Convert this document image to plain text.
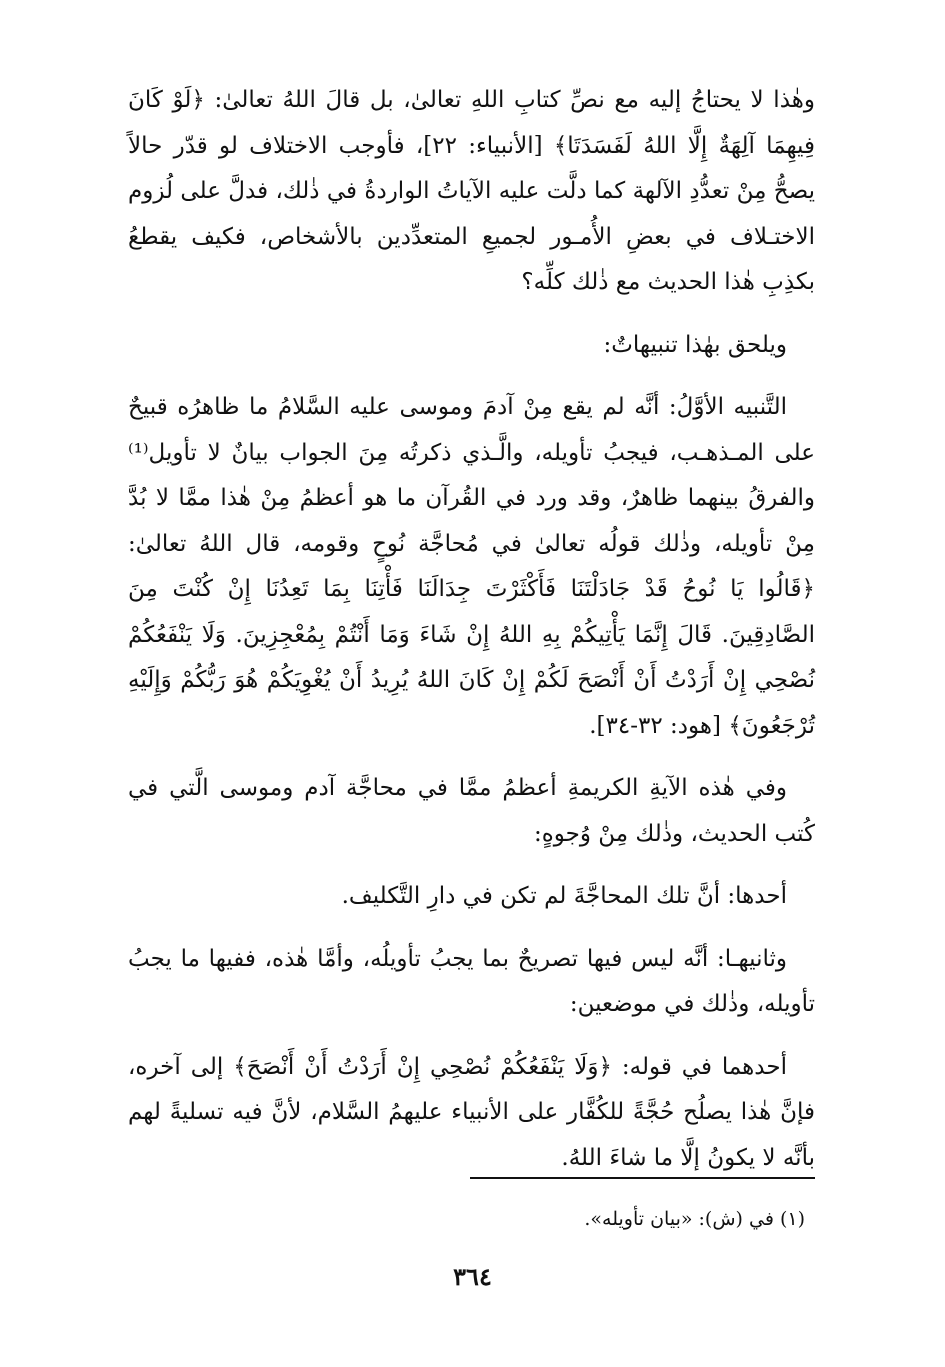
وهٰذا لا يحتاجُ إليه مع نصِّ كتابِ اللهِ تعالىٰ، بل قالَ اللهُ تعالىٰ: ﴿لَوْ كَانَ فِيهِمَا آلِهَةٌ إِلَّا اللهُ لَفَسَدَتَا﴾ [الأنبياء: ٢٢]، فأوجب الاختلاف لو قدّر حالاً يصحُّ مِنْ تعدُّدِ الآلهة كما دلَّت عليه الآياتُ الواردةُ في ذٰلك، فدلَّ على لُزوم الاختـلاف في بعضِ الأُمـور لجميعِ المتعدِّدين بالأشخاص، فكيف يقطعُ بكذِبِ هٰذا الحديث مع ذٰلك كلِّه؟

ويلحق بهٰذا تنبيهاتٌ:

التَّنبيه الأوَّلُ: أنَّه لم يقع مِنْ آدمَ وموسى عليه السَّلامُ ما ظاهرُه قبيحٌ على المـذهـب، فيجبُ تأويله، والَّـذي ذكرتُه مِنَ الجواب بيانٌ لا تأويل⁽¹⁾ والفرقُ بينهما ظاهرٌ، وقد ورد في القُرآن ما هو أعظمُ مِنْ هٰذا ممَّا لا بُدَّ مِنْ تأويله، وذٰلك قولُه تعالىٰ في مُحاجَّة نُوحٍ وقومه، قال اللهُ تعالىٰ: ﴿قَالُوا يَا نُوحُ قَدْ جَادَلْتَنَا فَأَكْثَرْتَ جِدَالَنَا فَأْتِنَا بِمَا تَعِدُنَا إِنْ كُنْتَ مِنَ الصَّادِقِينَ. قَالَ إِنَّمَا يَأْتِيكُمْ بِهِ اللهُ إِنْ شَاءَ وَمَا أَنْتُمْ بِمُعْجِزِينَ. وَلَا يَنْفَعُكُمْ نُصْحِي إِنْ أَرَدْتُ أَنْ أَنْصَحَ لَكُمْ إِنْ كَانَ اللهُ يُرِيدُ أَنْ يُغْوِيَكُمْ هُوَ رَبُّكُمْ وَإِلَيْهِ تُرْجَعُونَ﴾ [هود: ٣٢-٣٤].

وفي هٰذه الآيةِ الكريمةِ أعظمُ ممَّا في محاجَّة آدم وموسى الَّتي في كُتب الحديث، وذٰلك مِنْ وُجوهٍ:

أحدها: أنَّ تلك المحاجَّةَ لم تكن في دارِ التَّكليف.

وثانيهـا: أنَّه ليس فيها تصريحٌ بما يجبُ تأويلُه، وأمَّا هٰذه، ففيها ما يجبُ تأويله، وذٰلك في موضعين:

أحدهما في قوله: ﴿وَلَا يَنْفَعُكُمْ نُصْحِي إِنْ أَرَدْتُ أَنْ أَنْصَحَ﴾ إلى آخره، فإنَّ هٰذا يصلُح حُجَّةً للكُفَّار على الأنبياء عليهمُ السَّلام، لأنَّ فيه تسليةً لهم بأنَّه لا يكونُ إلَّا ما شاءَ اللهُ.

(١) في (ش): «بيان تأويله».
٣٦٤
